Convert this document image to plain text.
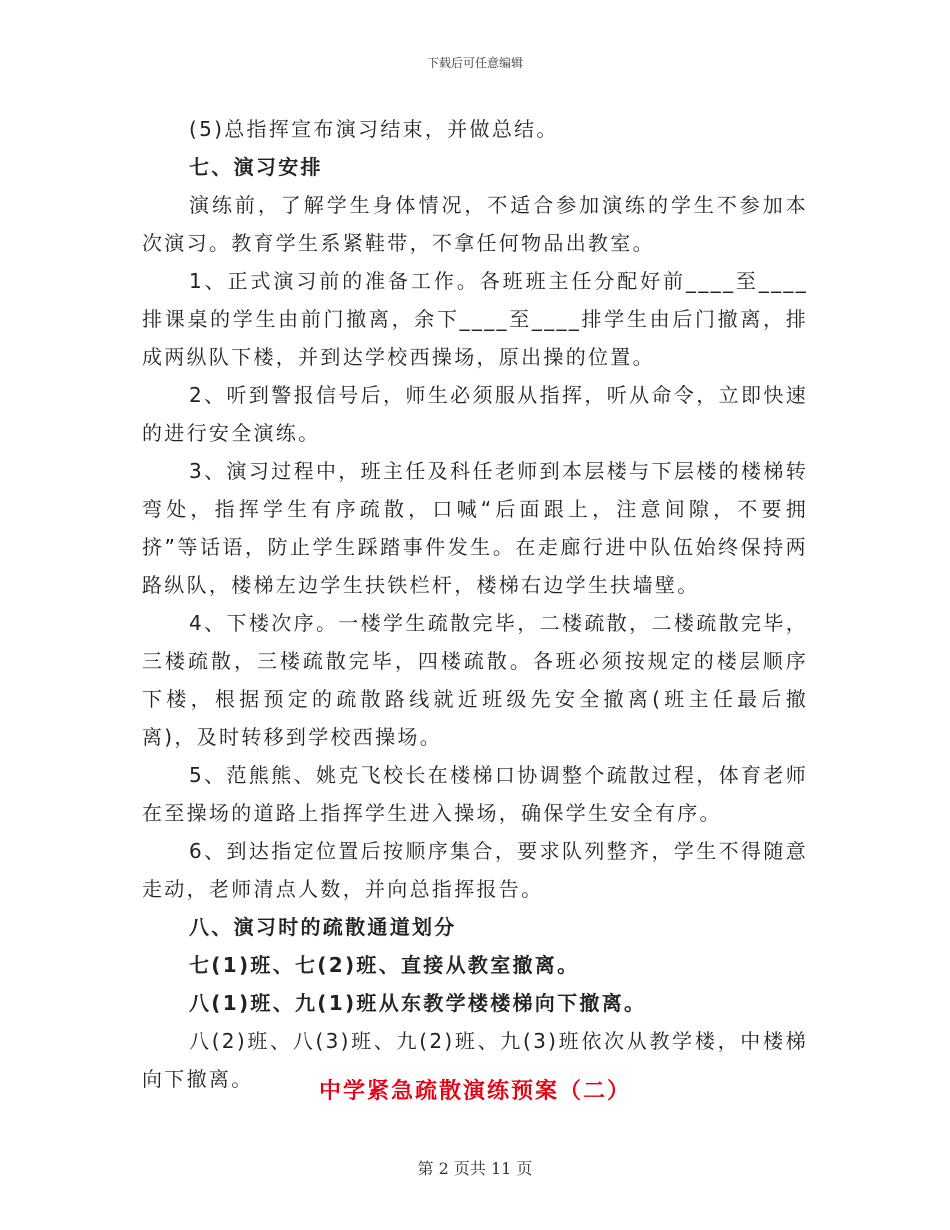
下载后可任意编辑

(5)总指挥宣布演习结束，并做总结。

七、演习安排

演练前，了解学生身体情况，不适合参加演练的学生不参加本次演习。教育学生系紧鞋带，不拿任何物品出教室。

1、正式演习前的准备工作。各班班主任分配好前____至____排课桌的学生由前门撤离，余下____至____排学生由后门撤离，排成两纵队下楼，并到达学校西操场，原出操的位置。

2、听到警报信号后，师生必须服从指挥，听从命令，立即快速的进行安全演练。

3、演习过程中，班主任及科任老师到本层楼与下层楼的楼梯转弯处，指挥学生有序疏散，口喊“后面跟上，注意间隙，不要拥挤”等话语，防止学生踩踏事件发生。在走廊行进中队伍始终保持两路纵队，楼梯左边学生扶铁栏杆，楼梯右边学生扶墙壁。

4、下楼次序。一楼学生疏散完毕，二楼疏散，二楼疏散完毕，三楼疏散，三楼疏散完毕，四楼疏散。各班必须按规定的楼层顺序下楼，根据预定的疏散路线就近班级先安全撤离(班主任最后撤离)，及时转移到学校西操场。

5、范熊熊、姚克飞校长在楼梯口协调整个疏散过程，体育老师在至操场的道路上指挥学生进入操场，确保学生安全有序。

6、到达指定位置后按顺序集合，要求队列整齐，学生不得随意走动，老师清点人数，并向总指挥报告。

八、演习时的疏散通道划分

七(1)班、七(2)班、直接从教室撤离。

八(1)班、九(1)班从东教学楼楼梯向下撤离。

八(2)班、八(3)班、九(2)班、九(3)班依次从教学楼，中楼梯向下撤离。	中学紧急疏散演练预案（二）
第 2 页共 11 页
